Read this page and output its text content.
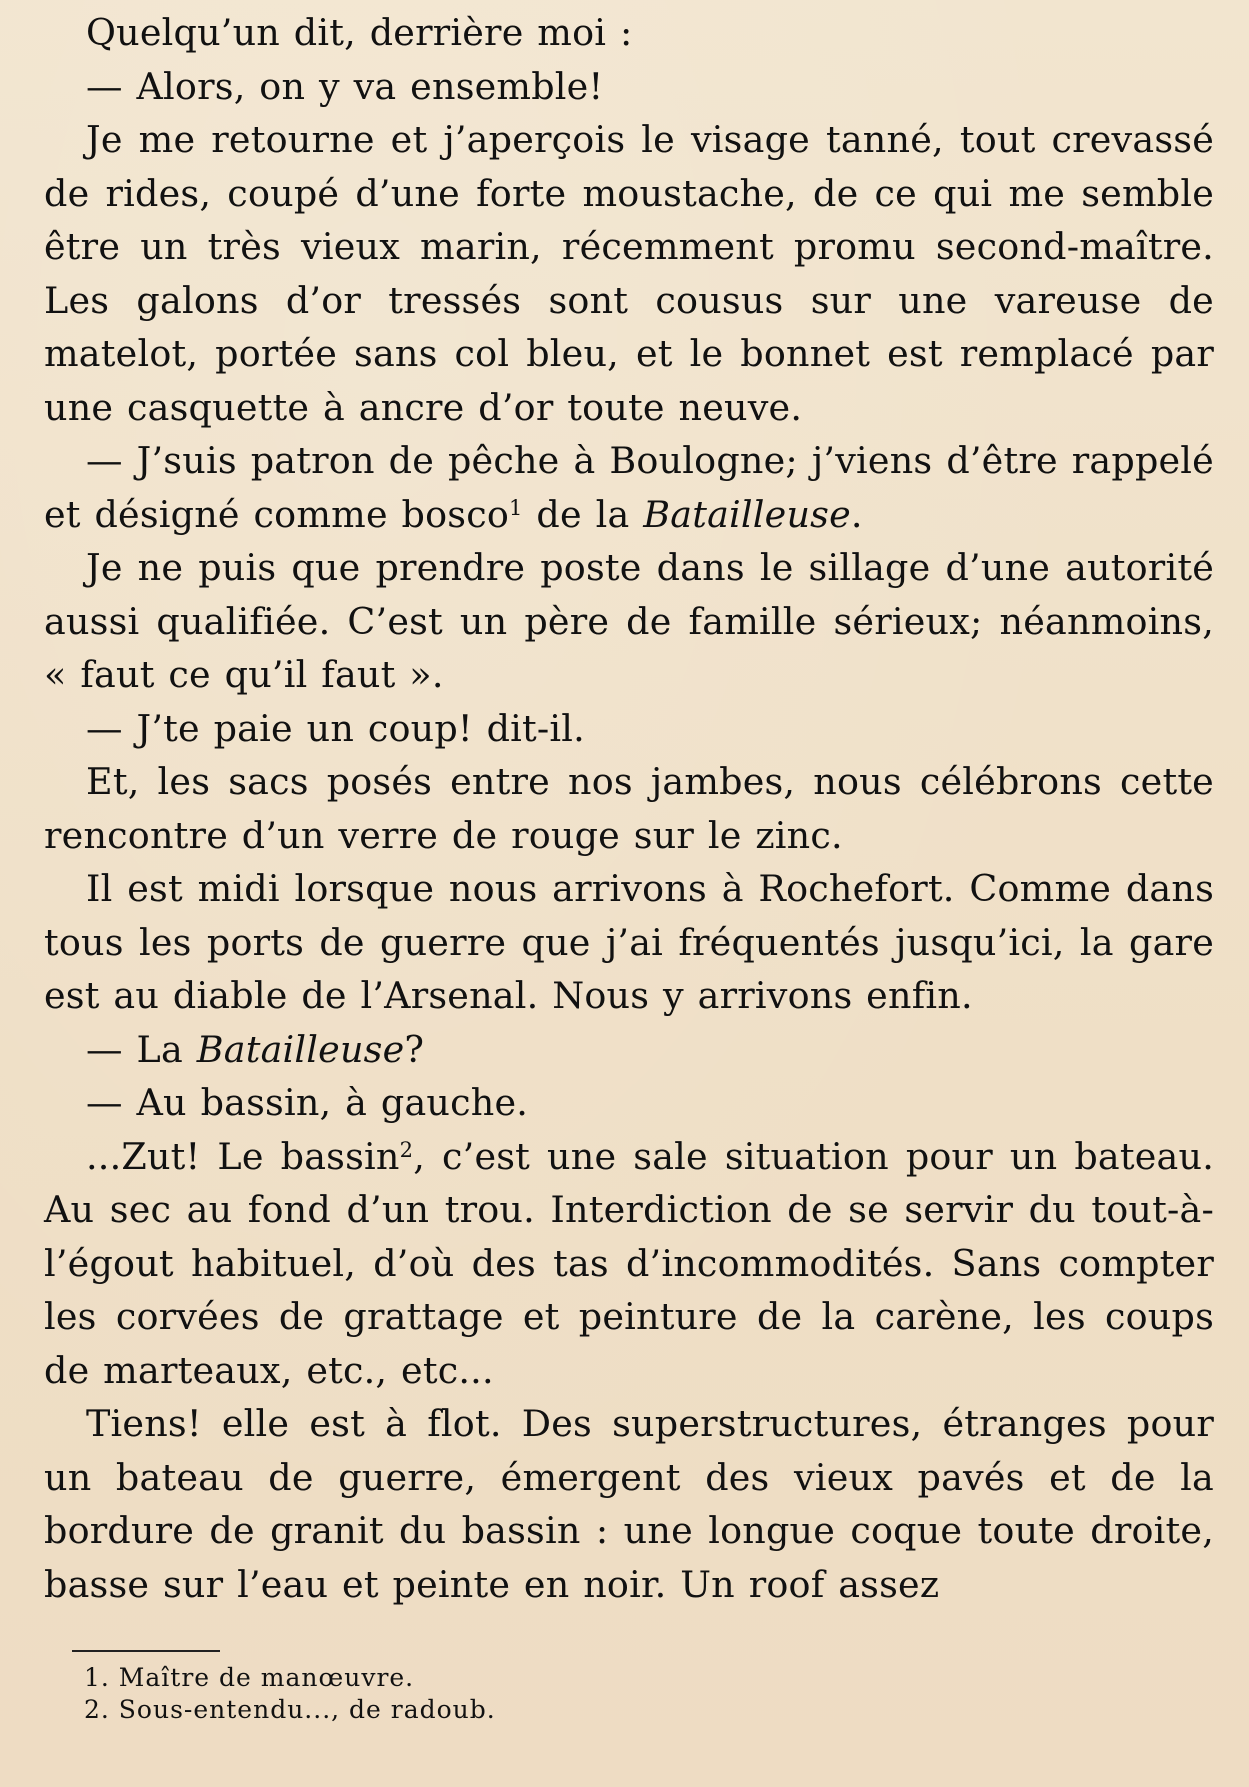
Quelqu’un dit, derrière moi :

— Alors, on y va ensemble!

Je me retourne et j’aperçois le visage tanné, tout crevassé de rides, coupé d’une forte moustache, de ce qui me semble être un très vieux marin, récemment promu second-maître. Les galons d’or tressés sont cousus sur une vareuse de matelot, portée sans col bleu, et le bonnet est remplacé par une casquette à ancre d’or toute neuve.

— J’suis patron de pêche à Boulogne; j’viens d’être rappelé et désigné comme bosco$^1$ de la Batailleuse.

Je ne puis que prendre poste dans le sillage d’une autorité aussi qualifiée. C’est un père de famille sérieux; néanmoins, « faut ce qu’il faut ».

— J’te paie un coup! dit-il.

Et, les sacs posés entre nos jambes, nous célébrons cette rencontre d’un verre de rouge sur le zinc.

Il est midi lorsque nous arrivons à Rochefort. Comme dans tous les ports de guerre que j’ai fréquentés jusqu’ici, la gare est au diable de l’Arsenal. Nous y arrivons enfin.

— La Batailleuse?

— Au bassin, à gauche.

...Zut! Le bassin$^2$, c’est une sale situation pour un bateau. Au sec au fond d’un trou. Interdiction de se servir du tout-à-l’égout habituel, d’où des tas d’incommodités. Sans compter les corvées de grattage et peinture de la carène, les coups de marteaux, etc., etc...

Tiens! elle est à flot. Des superstructures, étranges pour un bateau de guerre, émergent des vieux pavés et de la bordure de granit du bassin : une longue coque toute droite, basse sur l’eau et peinte en noir. Un roof assez

1. Maître de manœuvre.

2. Sous-entendu..., de radoub.
